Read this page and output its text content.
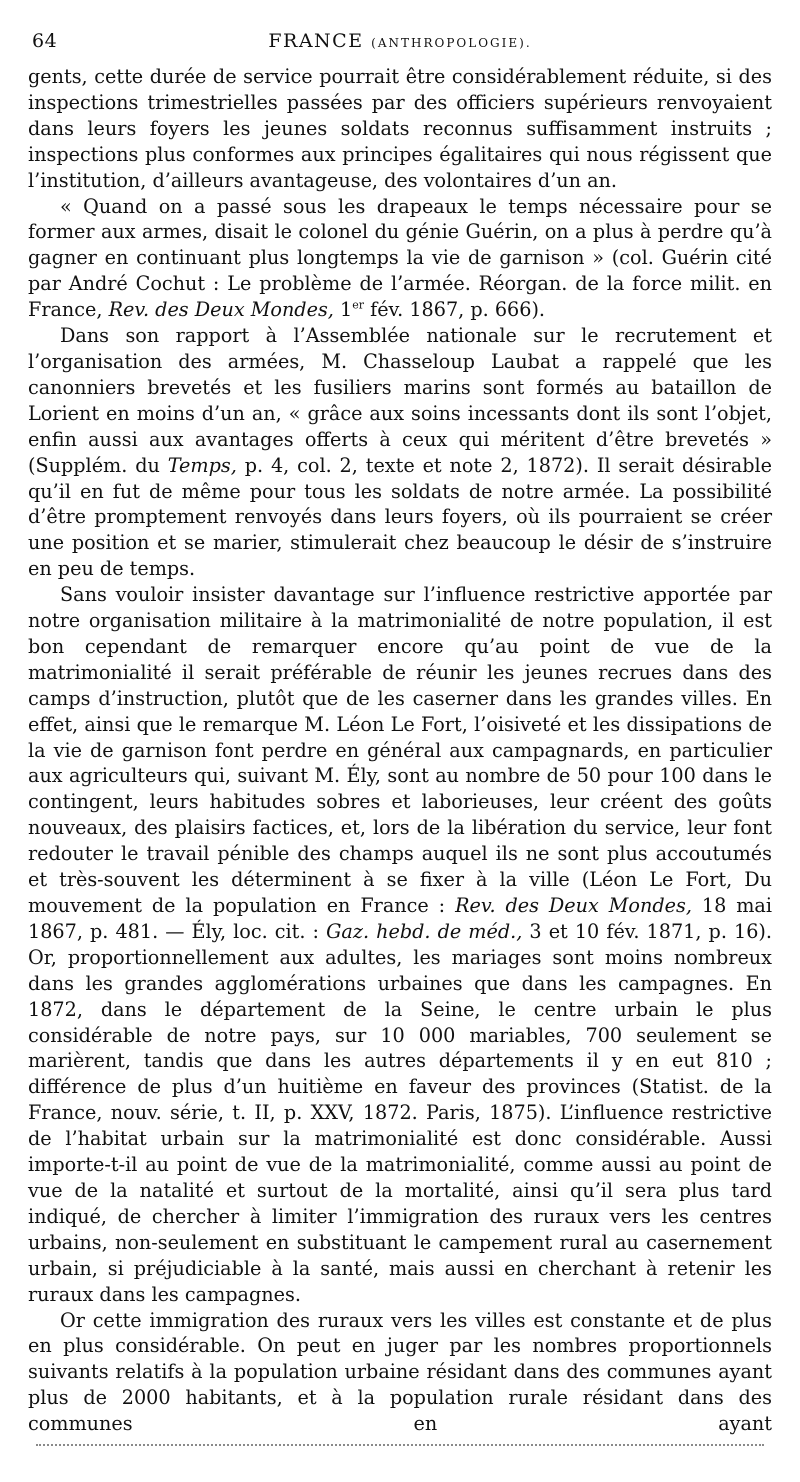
64	FRANCE (ANTHROPOLOGIE).

gents, cette durée de service pourrait être considérablement réduite, si des inspections trimestrielles passées par des officiers supérieurs renvoyaient dans leurs foyers les jeunes soldats reconnus suffisamment instruits ; inspections plus conformes aux principes égalitaires qui nous régissent que l’institution, d’ailleurs avantageuse, des volontaires d’un an.

« Quand on a passé sous les drapeaux le temps nécessaire pour se former aux armes, disait le colonel du génie Guérin, on a plus à perdre qu’à gagner en continuant plus longtemps la vie de garnison » (col. Guérin cité par André Cochut : Le problème de l’armée. Réorgan. de la force milit. en France, Rev. des Deux Mondes, 1er fév. 1867, p. 666).

Dans son rapport à l’Assemblée nationale sur le recrutement et l’organisation des armées, M. Chasseloup Laubat a rappelé que les canonniers brevetés et les fusiliers marins sont formés au bataillon de Lorient en moins d’un an, « grâce aux soins incessants dont ils sont l’objet, enfin aussi aux avantages offerts à ceux qui méritent d’être brevetés » (Supplém. du Temps, p. 4, col. 2, texte et note 2, 1872). Il serait désirable qu’il en fut de même pour tous les soldats de notre armée. La possibilité d’être promptement renvoyés dans leurs foyers, où ils pourraient se créer une position et se marier, stimulerait chez beaucoup le désir de s’instruire en peu de temps.

Sans vouloir insister davantage sur l’influence restrictive apportée par notre organisation militaire à la matrimonialité de notre population, il est bon cependant de remarquer encore qu’au point de vue de la matrimonialité il serait préférable de réunir les jeunes recrues dans des camps d’instruction, plutôt que de les caserner dans les grandes villes. En effet, ainsi que le remarque M. Léon Le Fort, l’oisiveté et les dissipations de la vie de garnison font perdre en général aux campagnards, en particulier aux agriculteurs qui, suivant M. Ély, sont au nombre de 50 pour 100 dans le contingent, leurs habitudes sobres et laborieuses, leur créent des goûts nouveaux, des plaisirs factices, et, lors de la libération du service, leur font redouter le travail pénible des champs auquel ils ne sont plus accoutumés et très-souvent les déterminent à se fixer à la ville (Léon Le Fort, Du mouvement de la population en France : Rev. des Deux Mondes, 18 mai 1867, p. 481. — Ély, loc. cit. : Gaz. hebd. de méd., 3 et 10 fév. 1871, p. 16). Or, proportionnellement aux adultes, les mariages sont moins nombreux dans les grandes agglomérations urbaines que dans les campagnes. En 1872, dans le département de la Seine, le centre urbain le plus considérable de notre pays, sur 10 000 mariables, 700 seulement se marièrent, tandis que dans les autres départements il y en eut 810 ; différence de plus d’un huitième en faveur des provinces (Statist. de la France, nouv. série, t. II, p. XXV, 1872. Paris, 1875). L’influence restrictive de l’habitat urbain sur la matrimonialité est donc considérable. Aussi importe-t-il au point de vue de la matrimonialité, comme aussi au point de vue de la natalité et surtout de la mortalité, ainsi qu’il sera plus tard indiqué, de chercher à limiter l’immigration des ruraux vers les centres urbains, non-seulement en substituant le campement rural au casernement urbain, si préjudiciable à la santé, mais aussi en cherchant à retenir les ruraux dans les campagnes.

Or cette immigration des ruraux vers les villes est constante et de plus en plus considérable. On peut en juger par les nombres proportionnels suivants relatifs à la population urbaine résidant dans des communes ayant plus de 2000 habitants, et à la population rurale résidant dans des communes en ayant
